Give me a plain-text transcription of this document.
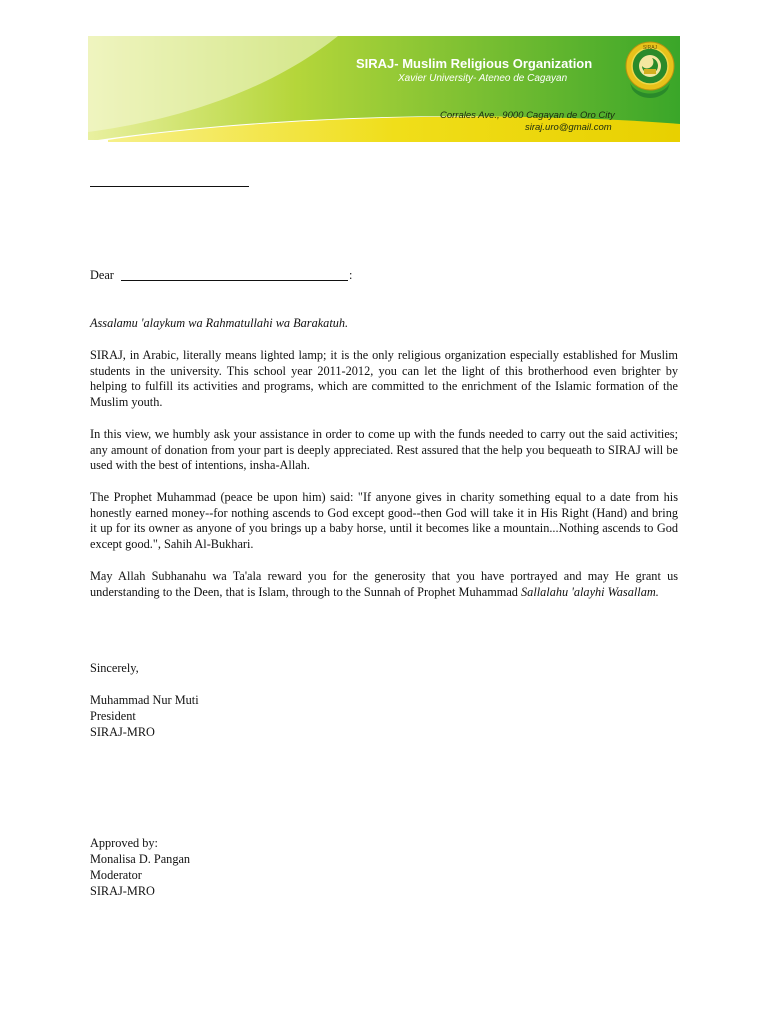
SIRAJ- Muslim Religious Organization
Xavier University- Ateneo de Cagayan
Corrales Ave., 9000 Cagayan de Oro City
siraj.uro@gmail.com
SIRAJ
Dear	:
Assalamu 'alaykum wa Rahmatullahi wa Barakatuh.
SIRAJ, in Arabic, literally means lighted lamp; it is the only religious organization especially established for Muslim students in the university. This school year 2011-2012, you can let the light of this brotherhood even brighter by helping to fulfill its activities and programs, which are committed to the enrichment of the Islamic formation of the Muslim youth.
In this view, we humbly ask your assistance in order to come up with the funds needed to carry out the said activities; any amount of donation from your part is deeply appreciated. Rest assured that the help you bequeath to SIRAJ will be used with the best of intentions, insha-Allah.
The Prophet Muhammad (peace be upon him) said: "If anyone gives in charity something equal to a date from his honestly earned money--for nothing ascends to God except good--then God will take it in His Right (Hand) and bring it up for its owner as anyone of you brings up a baby horse, until it becomes like a mountain...Nothing ascends to God except good.", Sahih Al-Bukhari.
May Allah Subhanahu wa Ta'ala reward you for the generosity that you have portrayed and may He grant us understanding to the Deen, that is Islam, through to the Sunnah of Prophet Muhammad Sallalahu 'alayhi Wasallam.
Sincerely,
Muhammad Nur Muti
President
SIRAJ-MRO
Approved by:
Monalisa D. Pangan
Moderator
SIRAJ-MRO
